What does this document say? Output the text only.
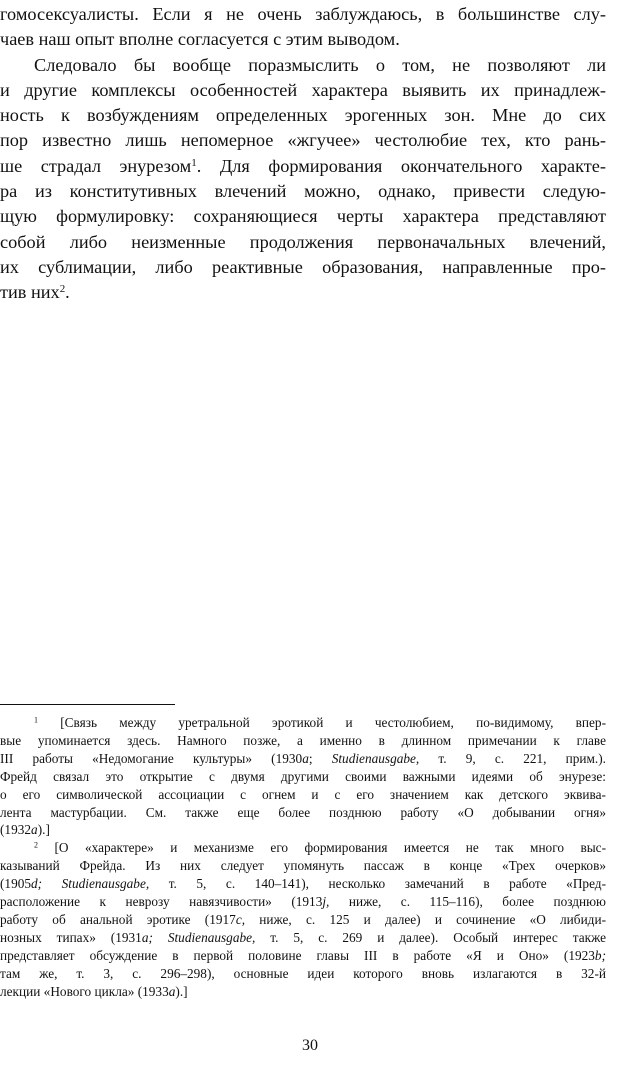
гомосексуалисты. Если я не очень заблуждаюсь, в большинстве слу-
чаев наш опыт вполне согласуется с этим выводом.
Следовало бы вообще поразмыслить о том, не позволяют ли
и другие комплексы особенностей характера выявить их принадлеж-
ность к возбуждениям определенных эрогенных зон. Мне до сих
пор известно лишь непомерное «жгучее» честолюбие тех, кто рань-
ше страдал энурезом$^1$. Для формирования окончательного характе-
ра из конститутивных влечений можно, однако, привести следую-
щую формулировку: сохраняющиеся черты характера представляют
собой либо неизменные продолжения первоначальных влечений,
их сублимации, либо реактивные образования, направленные про-
тив них$^2$.
$^1$ [Связь между уретральной эротикой и честолюбием, по-видимому, впер-
вые упоминается здесь. Намного позже, а именно в длинном примечании к главе
III работы «Недомогание культуры» (1930a; Studienausgabe, т. 9, с. 221, прим.).
Фрейд связал это открытие с двумя другими своими важными идеями об энурезе:
о его символической ассоциации с огнем и с его значением как детского эквива-
лента мастурбации. См. также еще более позднюю работу «О добывании огня»
(1932a).]
$^2$ [О «характере» и механизме его формирования имеется не так много выс-
казываний Фрейда. Из них следует упомянуть пассаж в конце «Трех очерков»
(1905d; Studienausgabe, т. 5, с. 140–141), несколько замечаний в работе «Пред-
расположение к неврозу навязчивости» (1913j, ниже, с. 115–116), более позднюю
работу об анальной эротике (1917c, ниже, с. 125 и далее) и сочинение «О либиди-
нозных типах» (1931a; Studienausgabe, т. 5, с. 269 и далее). Особый интерес также
представляет обсуждение в первой половине главы III в работе «Я и Оно» (1923b;
там же, т. 3, с. 296–298), основные идеи которого вновь излагаются в 32-й
лекции «Нового цикла» (1933a).]
30
